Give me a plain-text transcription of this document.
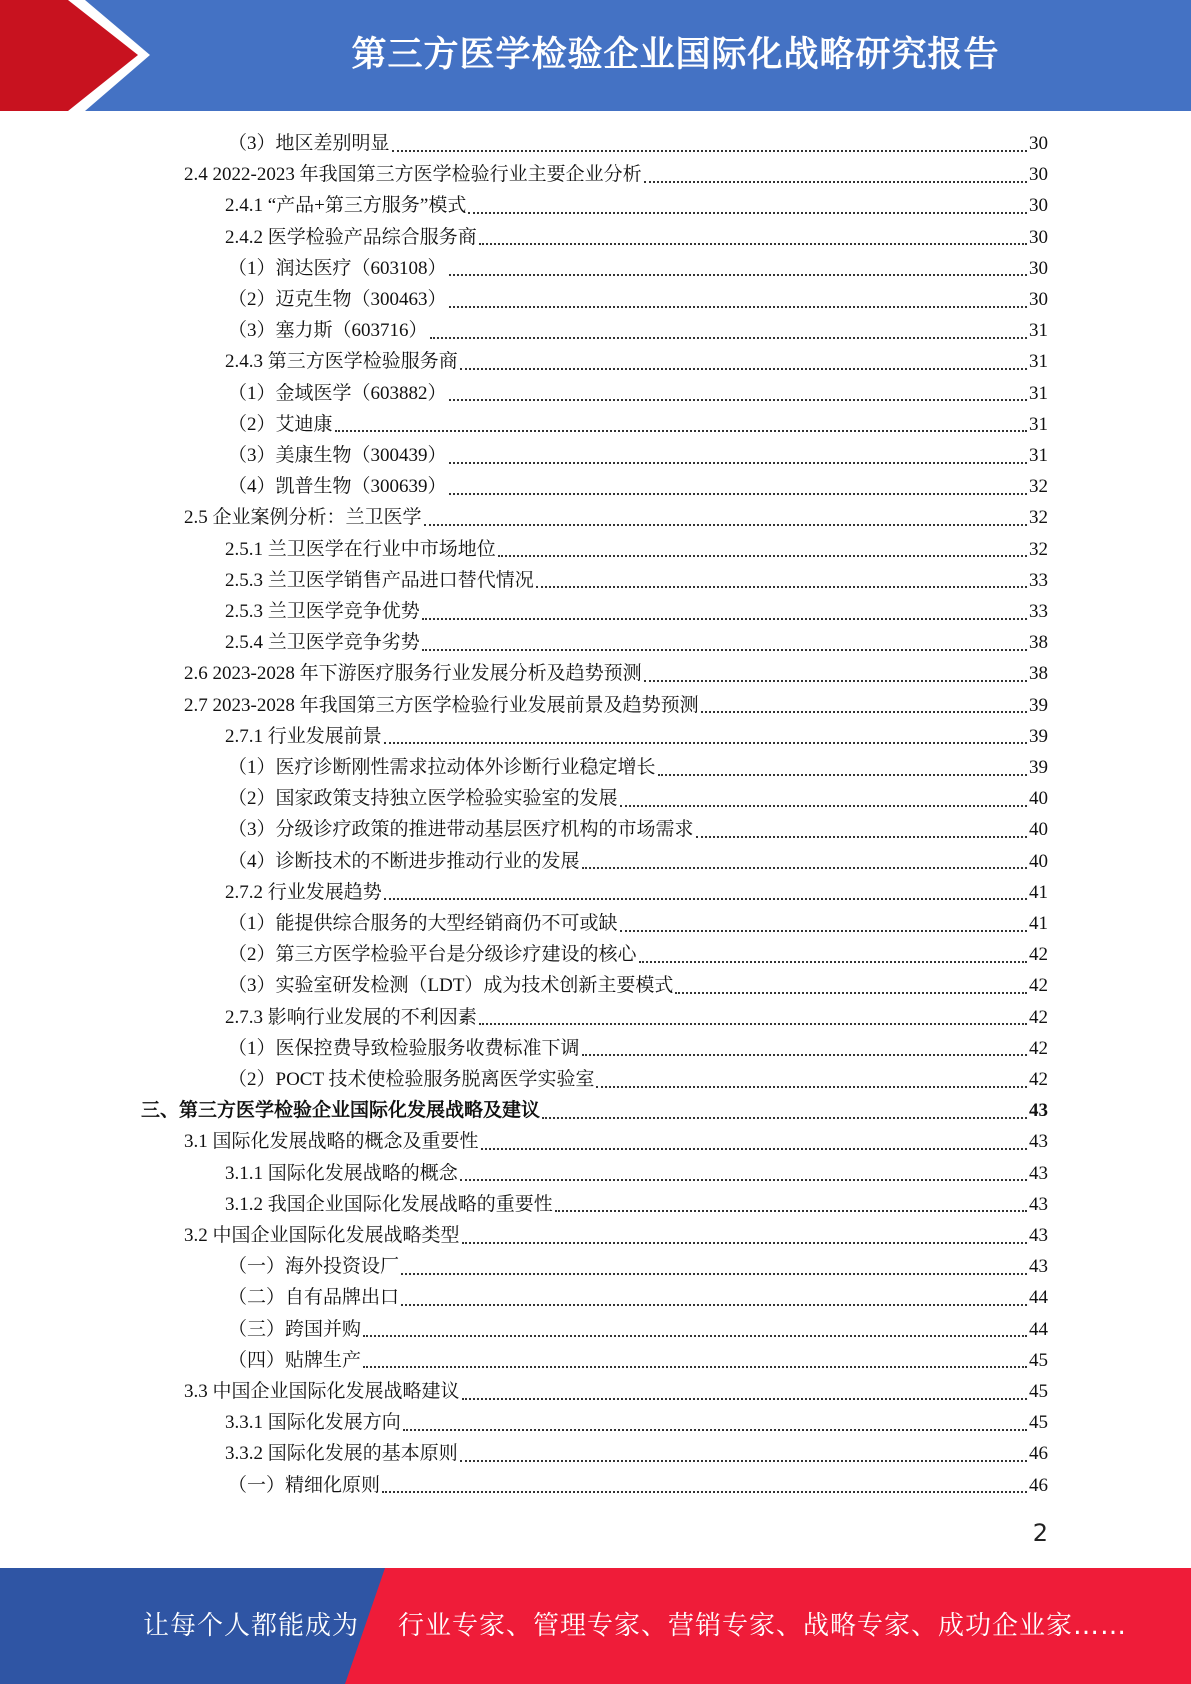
第三方医学检验企业国际化战略研究报告
（3）地区差别明显	30
2.4 2022-2023 年我国第三方医学检验行业主要企业分析	30
2.4.1 “产品+第三方服务”模式	30
2.4.2 医学检验产品综合服务商	30
（1）润达医疗（603108）	30
（2）迈克生物（300463）	30
（3）塞力斯（603716）	31
2.4.3 第三方医学检验服务商	31
（1）金域医学（603882）	31
（2）艾迪康	31
（3）美康生物（300439）	31
（4）凯普生物（300639）	32
2.5 企业案例分析：兰卫医学	32
2.5.1 兰卫医学在行业中市场地位	32
2.5.3 兰卫医学销售产品进口替代情况	33
2.5.3 兰卫医学竞争优势	33
2.5.4 兰卫医学竞争劣势	38
2.6 2023-2028 年下游医疗服务行业发展分析及趋势预测	38
2.7 2023-2028 年我国第三方医学检验行业发展前景及趋势预测	39
2.7.1 行业发展前景	39
（1）医疗诊断刚性需求拉动体外诊断行业稳定增长	39
（2）国家政策支持独立医学检验实验室的发展	40
（3）分级诊疗政策的推进带动基层医疗机构的市场需求	40
（4）诊断技术的不断进步推动行业的发展	40
2.7.2 行业发展趋势	41
（1）能提供综合服务的大型经销商仍不可或缺	41
（2）第三方医学检验平台是分级诊疗建设的核心	42
（3）实验室研发检测（LDT）成为技术创新主要模式	42
2.7.3 影响行业发展的不利因素	42
（1）医保控费导致检验服务收费标准下调	42
（2）POCT 技术使检验服务脱离医学实验室	42
三、第三方医学检验企业国际化发展战略及建议	43
3.1 国际化发展战略的概念及重要性	43
3.1.1 国际化发展战略的概念	43
3.1.2 我国企业国际化发展战略的重要性	43
3.2 中国企业国际化发展战略类型	43
（一）海外投资设厂	43
（二）自有品牌出口	44
（三）跨国并购	44
（四）贴牌生产	45
3.3 中国企业国际化发展战略建议	45
3.3.1 国际化发展方向	45
3.3.2 国际化发展的基本原则	46
（一）精细化原则	46
2
让每个人都能成为 行业专家、管理专家、营销专家、战略专家、成功企业家……
